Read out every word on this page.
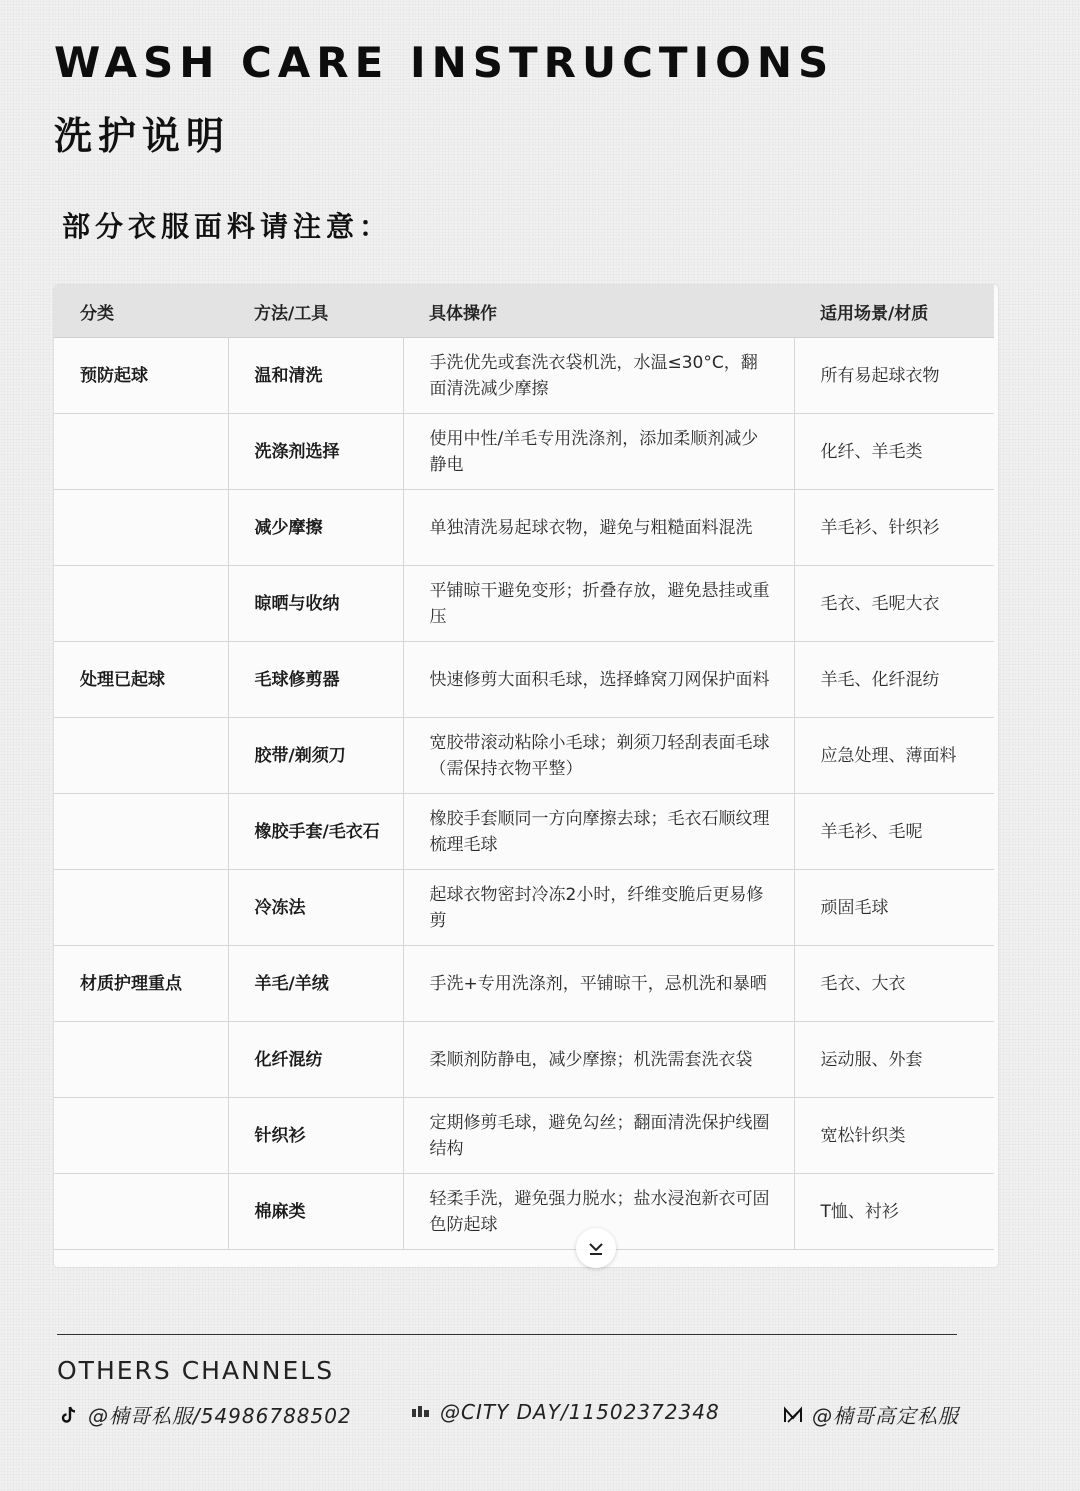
WASH CARE INSTRUCTIONS
洗护说明
部分衣服面料请注意：
分类	方法/工具	具体操作	适用场景/材质
预防起球	温和清洗	手洗优先或套洗衣袋机洗，水温≤30°C，翻面清洗减少摩擦	所有易起球衣物
	洗涤剂选择	使用中性/羊毛专用洗涤剂，添加柔顺剂减少静电	化纤、羊毛类
	减少摩擦	单独清洗易起球衣物，避免与粗糙面料混洗	羊毛衫、针织衫
	晾晒与收纳	平铺晾干避免变形；折叠存放，避免悬挂或重压	毛衣、毛呢大衣
处理已起球	毛球修剪器	快速修剪大面积毛球，选择蜂窝刀网保护面料	羊毛、化纤混纺
	胶带/剃须刀	宽胶带滚动粘除小毛球；剃须刀轻刮表面毛球（需保持衣物平整）	应急处理、薄面料
	橡胶手套/毛衣石	橡胶手套顺同一方向摩擦去球；毛衣石顺纹理梳理毛球	羊毛衫、毛呢
	冷冻法	起球衣物密封冷冻2小时，纤维变脆后更易修剪	顽固毛球
材质护理重点	羊毛/羊绒	手洗+专用洗涤剂，平铺晾干，忌机洗和暴晒	毛衣、大衣
	化纤混纺	柔顺剂防静电，减少摩擦；机洗需套洗衣袋	运动服、外套
	针织衫	定期修剪毛球，避免勾丝；翻面清洗保护线圈结构	宽松针织类
	棉麻类	轻柔手洗，避免强力脱水；盐水浸泡新衣可固色防起球	T恤、衬衫
OTHERS CHANNELS
@楠哥私服/54986788502	@CITY DAY/11502372348	@楠哥高定私服
